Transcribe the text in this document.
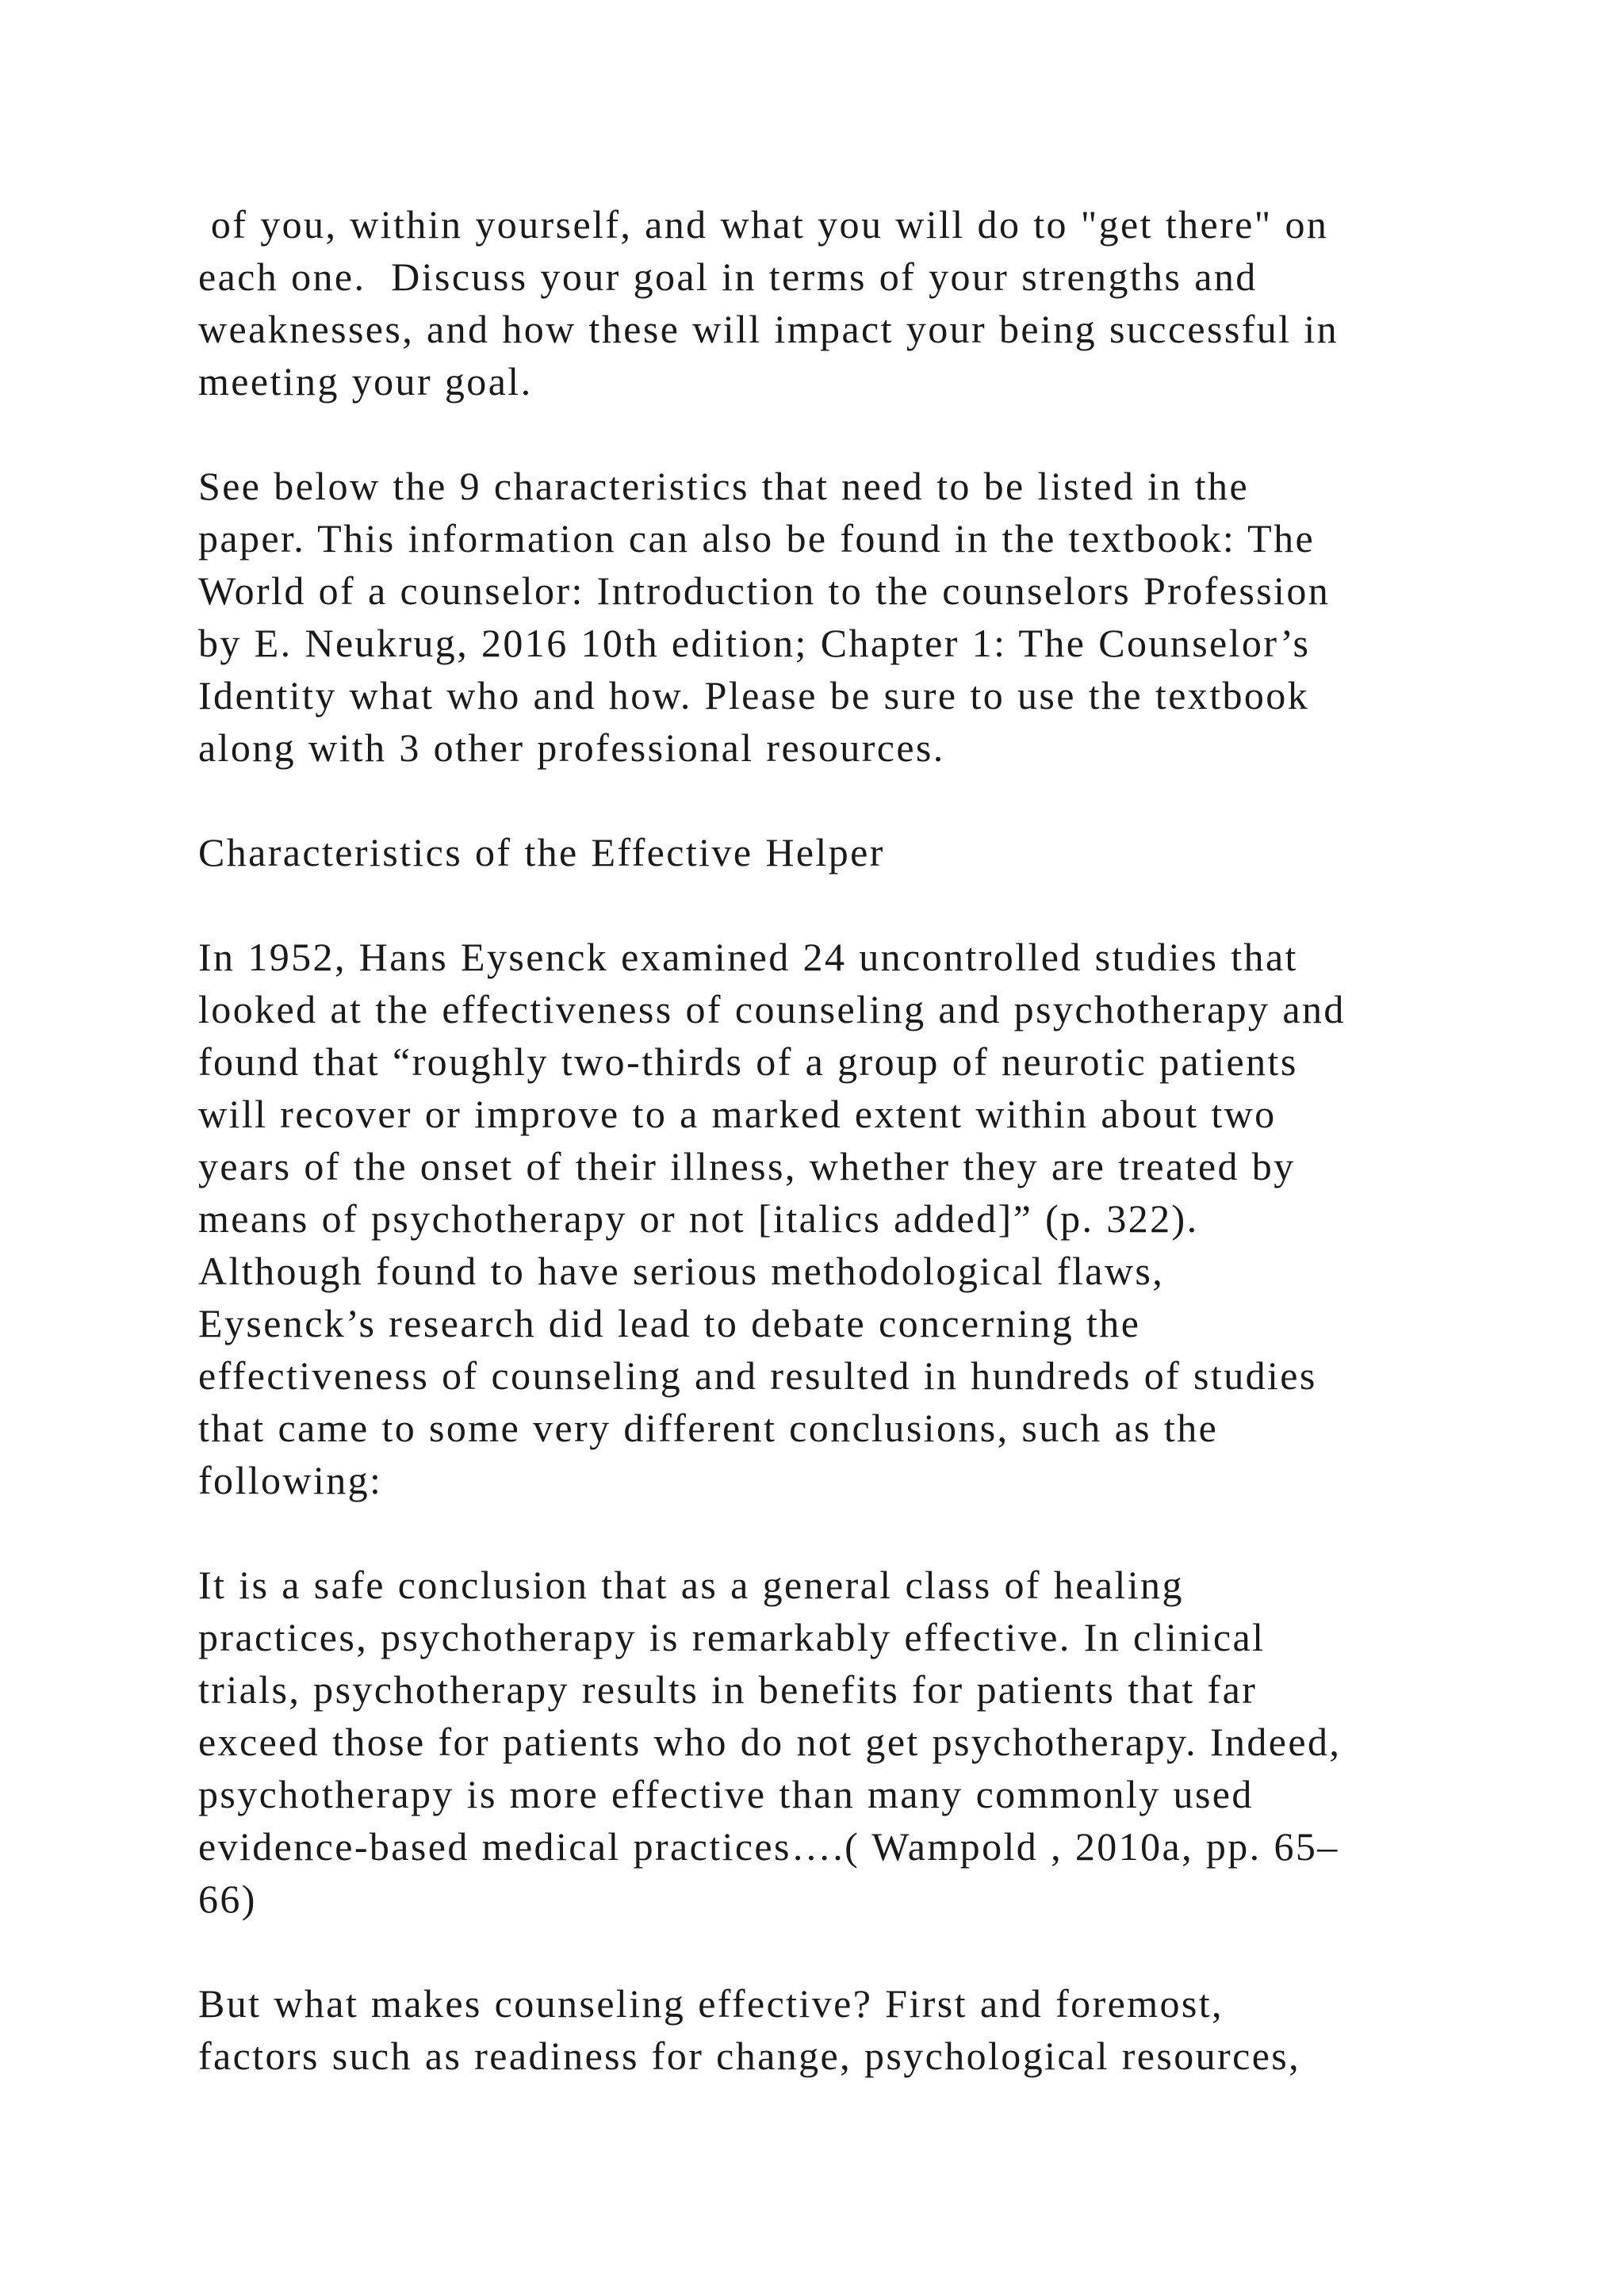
of you, within yourself, and what you will do to "get there" on
each one.  Discuss your goal in terms of your strengths and
weaknesses, and how these will impact your being successful in
meeting your goal.
See below the 9 characteristics that need to be listed in the
paper. This information can also be found in the textbook: The
World of a counselor: Introduction to the counselors Profession
by E. Neukrug, 2016 10th edition; Chapter 1: The Counselor’s
Identity what who and how. Please be sure to use the textbook
along with 3 other professional resources.
Characteristics of the Effective Helper
In 1952, Hans Eysenck examined 24 uncontrolled studies that
looked at the effectiveness of counseling and psychotherapy and
found that “roughly two-thirds of a group of neurotic patients
will recover or improve to a marked extent within about two
years of the onset of their illness, whether they are treated by
means of psychotherapy or not [italics added]” (p. 322).
Although found to have serious methodological flaws,
Eysenck’s research did lead to debate concerning the
effectiveness of counseling and resulted in hundreds of studies
that came to some very different conclusions, such as the
following:
It is a safe conclusion that as a general class of healing
practices, psychotherapy is remarkably effective. In clinical
trials, psychotherapy results in benefits for patients that far
exceed those for patients who do not get psychotherapy. Indeed,
psychotherapy is more effective than many commonly used
evidence-based medical practices….( Wampold , 2010a, pp. 65–
66)
But what makes counseling effective? First and foremost,
factors such as readiness for change, psychological resources,
